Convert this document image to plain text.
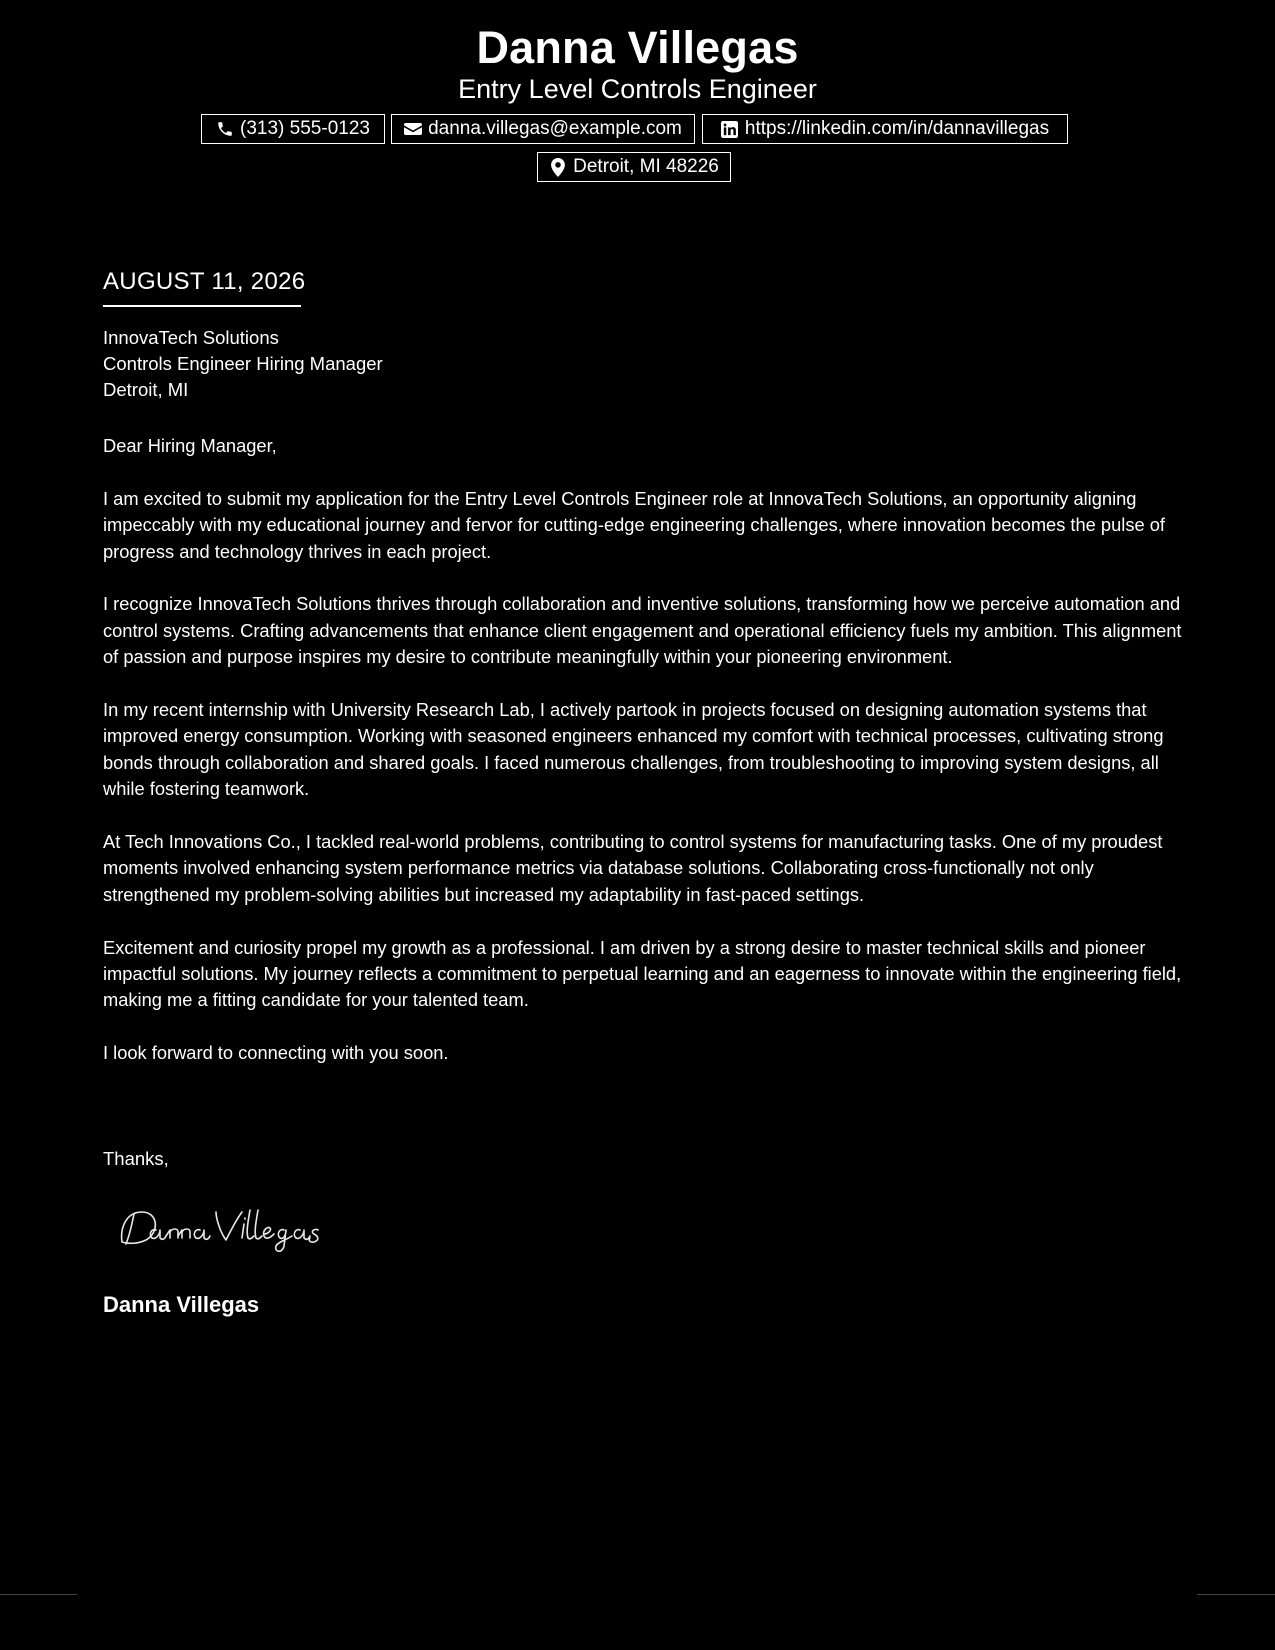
Danna Villegas
Entry Level Controls Engineer
(313) 555-0123	danna.villegas@example.com	https://linkedin.com/in/dannavillegas
Detroit, MI 48226
AUGUST 11, 2026
InnovaTech Solutions
Controls Engineer Hiring Manager
Detroit, MI

Dear Hiring Manager,

I am excited to submit my application for the Entry Level Controls Engineer role at InnovaTech Solutions, an opportunity aligning impeccably with my educational journey and fervor for cutting-edge engineering challenges, where innovation becomes the pulse of progress and technology thrives in each project.

I recognize InnovaTech Solutions thrives through collaboration and inventive solutions, transforming how we perceive automation and control systems. Crafting advancements that enhance client engagement and operational efficiency fuels my ambition. This alignment of passion and purpose inspires my desire to contribute meaningfully within your pioneering environment.

In my recent internship with University Research Lab, I actively partook in projects focused on designing automation systems that improved energy consumption. Working with seasoned engineers enhanced my comfort with technical processes, cultivating strong bonds through collaboration and shared goals. I faced numerous challenges, from troubleshooting to improving system designs, all while fostering teamwork.

At Tech Innovations Co., I tackled real-world problems, contributing to control systems for manufacturing tasks. One of my proudest moments involved enhancing system performance metrics via database solutions. Collaborating cross-functionally not only strengthened my problem-solving abilities but increased my adaptability in fast-paced settings.

Excitement and curiosity propel my growth as a professional. I am driven by a strong desire to master technical skills and pioneer impactful solutions. My journey reflects a commitment to perpetual learning and an eagerness to innovate within the engineering field, making me a fitting candidate for your talented team.

I look forward to connecting with you soon.

Thanks,
Danna Villegas
